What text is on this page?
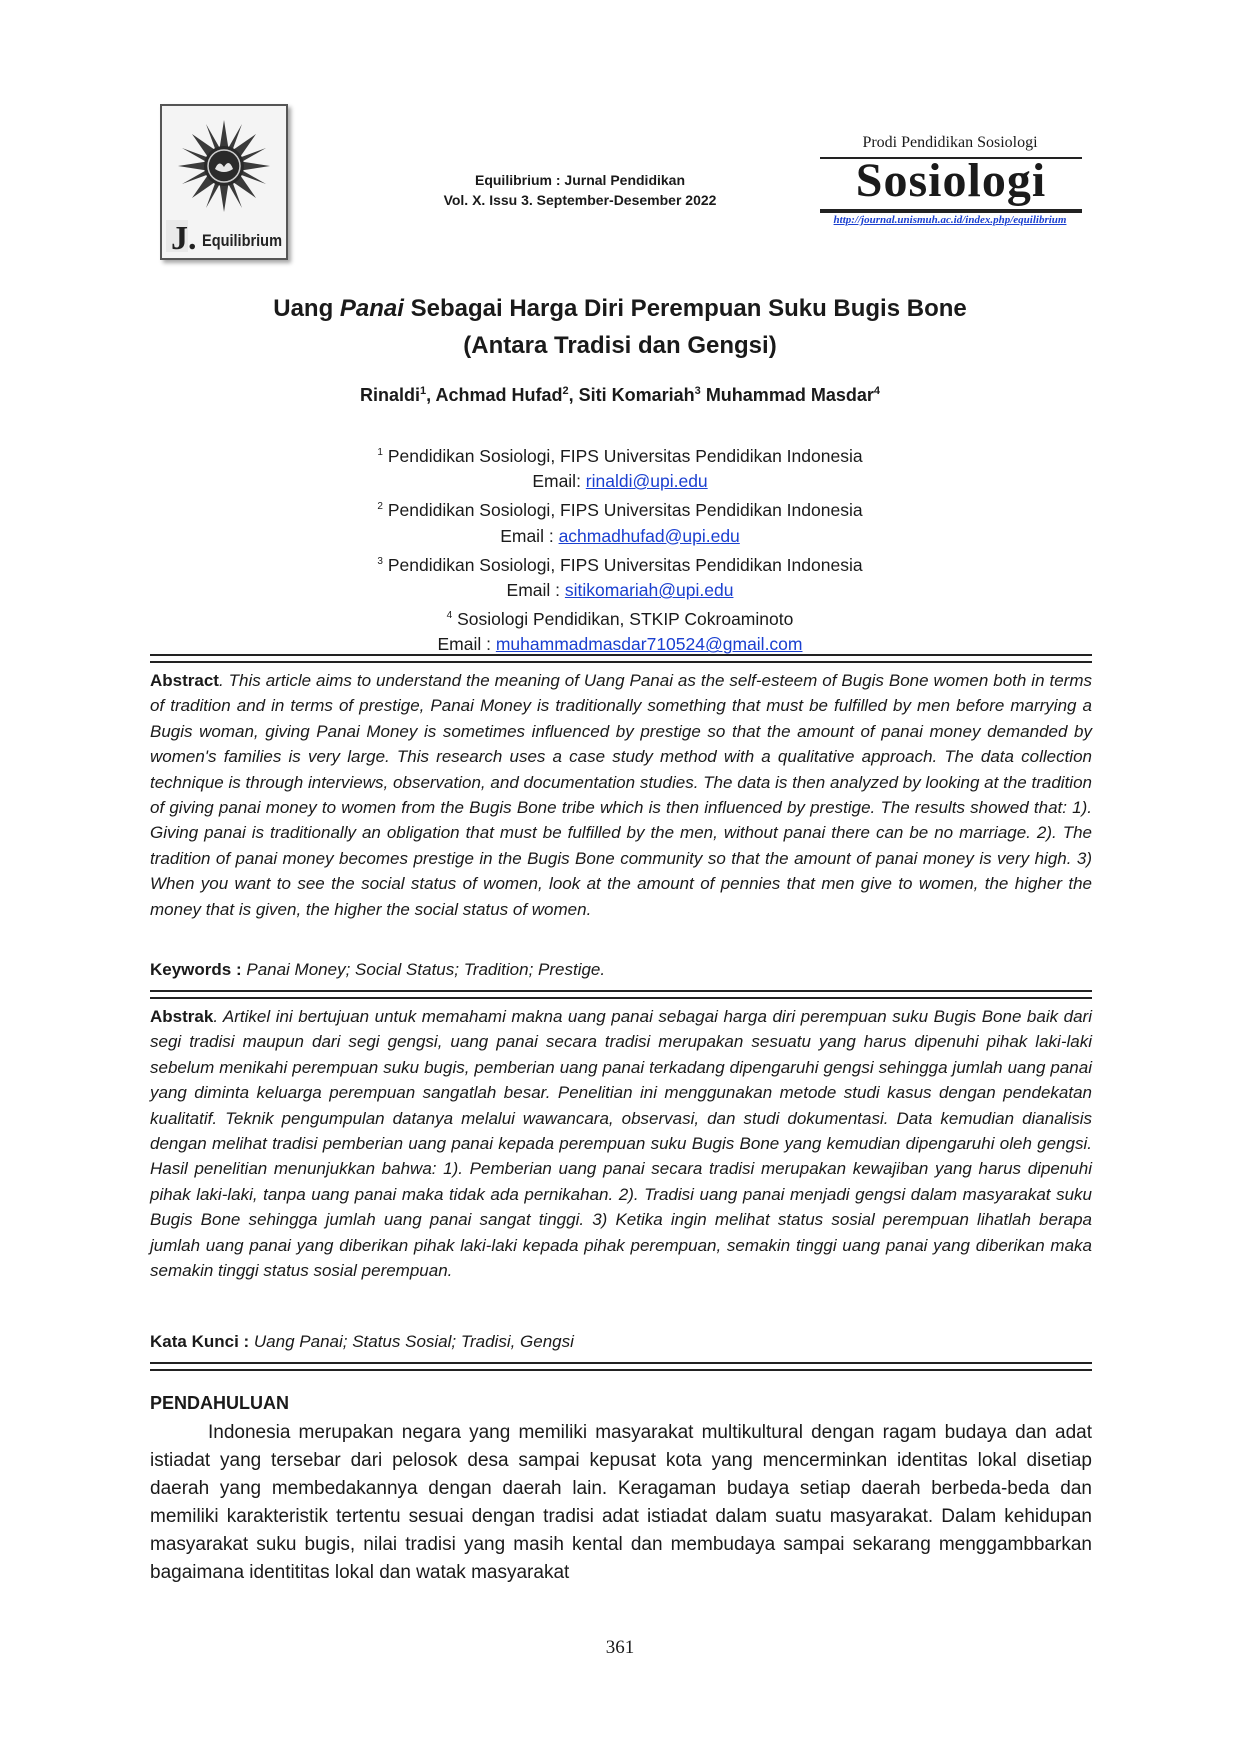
J. Equilibrium
Equilibrium : Jurnal Pendidikan
Vol. X. Issu 3. September-Desember 2022
Prodi Pendidikan Sosiologi
Sosiologi
http://journal.unismuh.ac.id/index.php/equilibrium
Uang Panai Sebagai Harga Diri Perempuan Suku Bugis Bone
(Antara Tradisi dan Gengsi)
Rinaldi$^1$, Achmad Hufad$^2$, Siti Komariah$^3$ Muhammad Masdar$^4$
$^1$ Pendidikan Sosiologi, FIPS Universitas Pendidikan Indonesia
Email: rinaldi@upi.edu
$^2$ Pendidikan Sosiologi, FIPS Universitas Pendidikan Indonesia
Email : achmadhufad@upi.edu
$^3$ Pendidikan Sosiologi, FIPS Universitas Pendidikan Indonesia
Email : sitikomariah@upi.edu
$^4$ Sosiologi Pendidikan, STKIP Cokroaminoto
Email : muhammadmasdar710524@gmail.com
Abstract. This article aims to understand the meaning of Uang Panai as the self-esteem of Bugis Bone women both in terms of tradition and in terms of prestige, Panai Money is traditionally something that must be fulfilled by men before marrying a Bugis woman, giving Panai Money is sometimes influenced by prestige so that the amount of panai money demanded by women's families is very large. This research uses a case study method with a qualitative approach. The data collection technique is through interviews, observation, and documentation studies. The data is then analyzed by looking at the tradition of giving panai money to women from the Bugis Bone tribe which is then influenced by prestige. The results showed that: 1). Giving panai is traditionally an obligation that must be fulfilled by the men, without panai there can be no marriage. 2). The tradition of panai money becomes prestige in the Bugis Bone community so that the amount of panai money is very high. 3) When you want to see the social status of women, look at the amount of pennies that men give to women, the higher the money that is given, the higher the social status of women.
Keywords : Panai Money; Social Status; Tradition; Prestige.
Abstrak. Artikel ini bertujuan untuk memahami makna uang panai sebagai harga diri perempuan suku Bugis Bone baik dari segi tradisi maupun dari segi gengsi, uang panai secara tradisi merupakan sesuatu yang harus dipenuhi pihak laki-laki sebelum menikahi perempuan suku bugis, pemberian uang panai terkadang dipengaruhi gengsi sehingga jumlah uang panai yang diminta keluarga perempuan sangatlah besar. Penelitian ini menggunakan metode studi kasus dengan pendekatan kualitatif. Teknik pengumpulan datanya melalui wawancara, observasi, dan studi dokumentasi. Data kemudian dianalisis dengan melihat tradisi pemberian uang panai kepada perempuan suku Bugis Bone yang kemudian dipengaruhi oleh gengsi. Hasil penelitian menunjukkan bahwa: 1). Pemberian uang panai secara tradisi merupakan kewajiban yang harus dipenuhi pihak laki-laki, tanpa uang panai maka tidak ada pernikahan. 2). Tradisi uang panai menjadi gengsi dalam masyarakat suku Bugis Bone sehingga jumlah uang panai sangat tinggi. 3) Ketika ingin melihat status sosial perempuan lihatlah berapa jumlah uang panai yang diberikan pihak laki-laki kepada pihak perempuan, semakin tinggi uang panai yang diberikan maka semakin tinggi status sosial perempuan.
Kata Kunci : Uang Panai; Status Sosial; Tradisi, Gengsi
PENDAHULUAN
Indonesia merupakan negara yang memiliki masyarakat multikultural dengan ragam budaya dan adat istiadat yang tersebar dari pelosok desa sampai kepusat kota yang mencerminkan identitas lokal disetiap daerah yang membedakannya dengan daerah lain. Keragaman budaya setiap daerah berbeda-beda dan memiliki karakteristik tertentu sesuai dengan tradisi adat istiadat dalam suatu masyarakat. Dalam kehidupan masyarakat suku bugis, nilai tradisi yang masih kental dan membudaya sampai sekarang menggambbarkan bagaimana identititas lokal dan watak masyarakat
361
